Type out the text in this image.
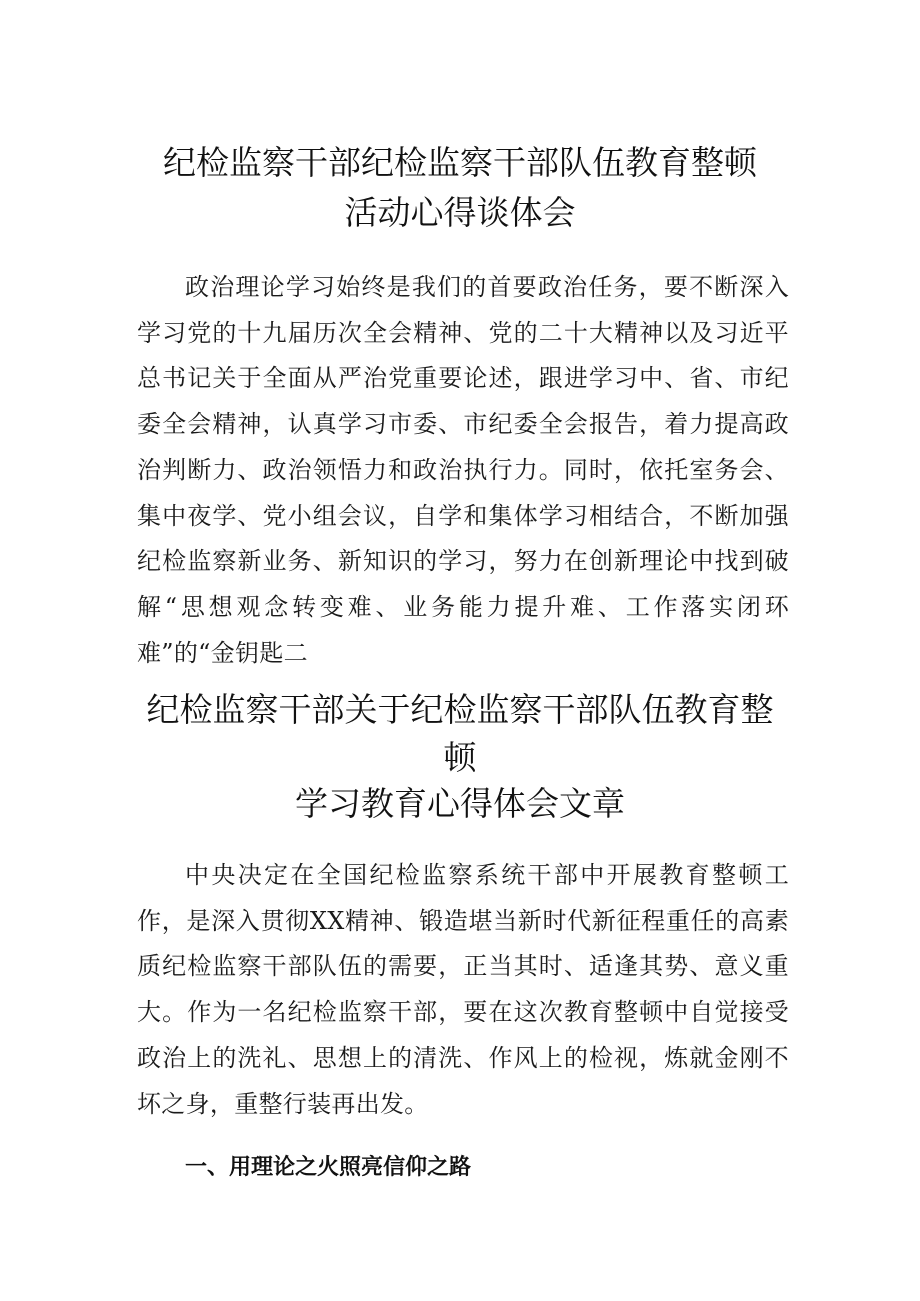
纪检监察干部纪检监察干部队伍教育整顿
活动心得谈体会
政治理论学习始终是我们的首要政治任务，要不断深入学习党的十九届历次全会精神、党的二十大精神以及习近平总书记关于全面从严治党重要论述，跟进学习中、省、市纪委全会精神，认真学习市委、市纪委全会报告，着力提高政治判断力、政治领悟力和政治执行力。同时，依托室务会、集中夜学、党小组会议，自学和集体学习相结合，不断加强纪检监察新业务、新知识的学习，努力在创新理论中找到破解“思想观念转变难、业务能力提升难、工作落实闭环难”的“金钥匙二
纪检监察干部关于纪检监察干部队伍教育整
顿
学习教育心得体会文章
中央决定在全国纪检监察系统干部中开展教育整顿工作，是深入贯彻XX精神、锻造堪当新时代新征程重任的高素质纪检监察干部队伍的需要，正当其时、适逢其势、意义重大。作为一名纪检监察干部，要在这次教育整顿中自觉接受政治上的洗礼、思想上的清洗、作风上的检视，炼就金刚不坏之身，重整行装再出发。
一、用理论之火照亮信仰之路
